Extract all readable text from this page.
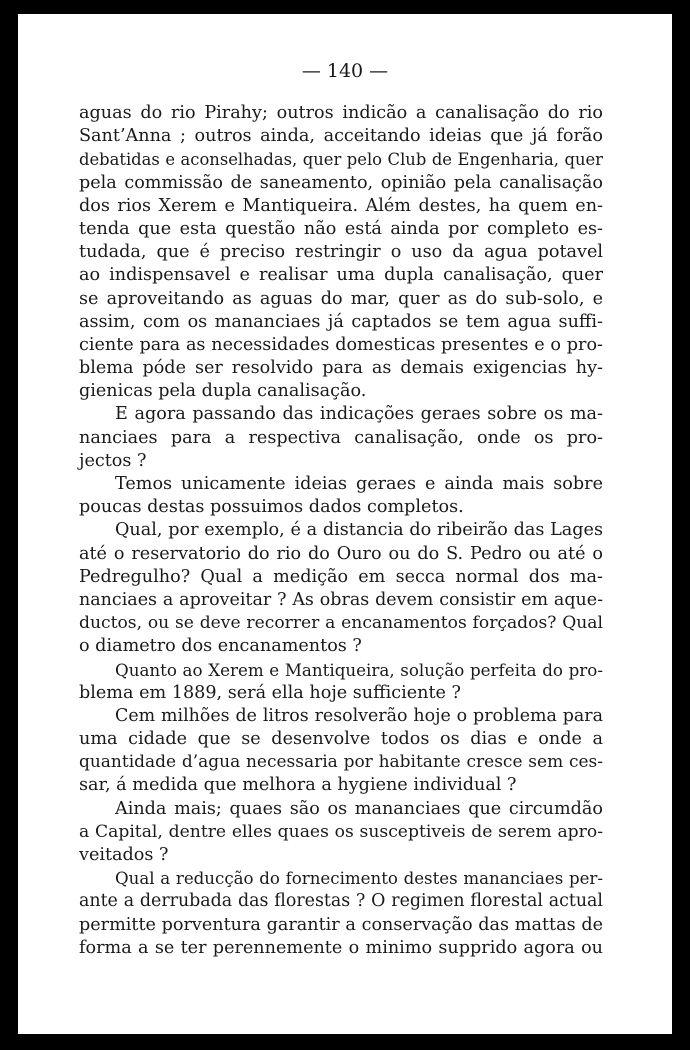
— 140 —
aguas do rio Pirahy; outros indicão a canalisação do rio
Sant’Anna ; outros ainda, acceitando ideias que já forão
debatidas e aconselhadas, quer pelo Club de Engenharia, quer
pela commissão de saneamento, opinião pela canalisação
dos rios Xerem e Mantiqueira. Além destes, ha quem en-
tenda que esta questão não está ainda por completo es-
tudada, que é preciso restringir o uso da agua potavel
ao indispensavel e realisar uma dupla canalisação, quer
se aproveitando as aguas do mar, quer as do sub-solo, e
assim, com os mananciaes já captados se tem agua suffi-
ciente para as necessidades domesticas presentes e o pro-
blema póde ser resolvido para as demais exigencias hy-
gienicas pela dupla canalisação.
E agora passando das indicações geraes sobre os ma-
nanciaes para a respectiva canalisação, onde os pro-
jectos ?
Temos unicamente ideias geraes e ainda mais sobre
poucas destas possuimos dados completos.
Qual, por exemplo, é a distancia do ribeirão das Lages
até o reservatorio do rio do Ouro ou do S. Pedro ou até o
Pedregulho? Qual a medição em secca normal dos ma-
nanciaes a aproveitar ? As obras devem consistir em aque-
ductos, ou se deve recorrer a encanamentos forçados? Qual
o diametro dos encanamentos ?
Quanto ao Xerem e Mantiqueira, solução perfeita do pro-
blema em 1889, será ella hoje sufficiente ?
Cem milhões de litros resolverão hoje o problema para
uma cidade que se desenvolve todos os dias e onde a
quantidade d’agua necessaria por habitante cresce sem ces-
sar, á medida que melhora a hygiene individual ?
Ainda mais; quaes são os mananciaes que circumdão
a Capital, dentre elles quaes os susceptiveis de serem apro-
veitados ?
Qual a reducção do fornecimento destes mananciaes per-
ante a derrubada das florestas ? O regimen florestal actual
permitte porventura garantir a conservação das mattas de
forma a se ter perennemente o minimo supprido agora ou
